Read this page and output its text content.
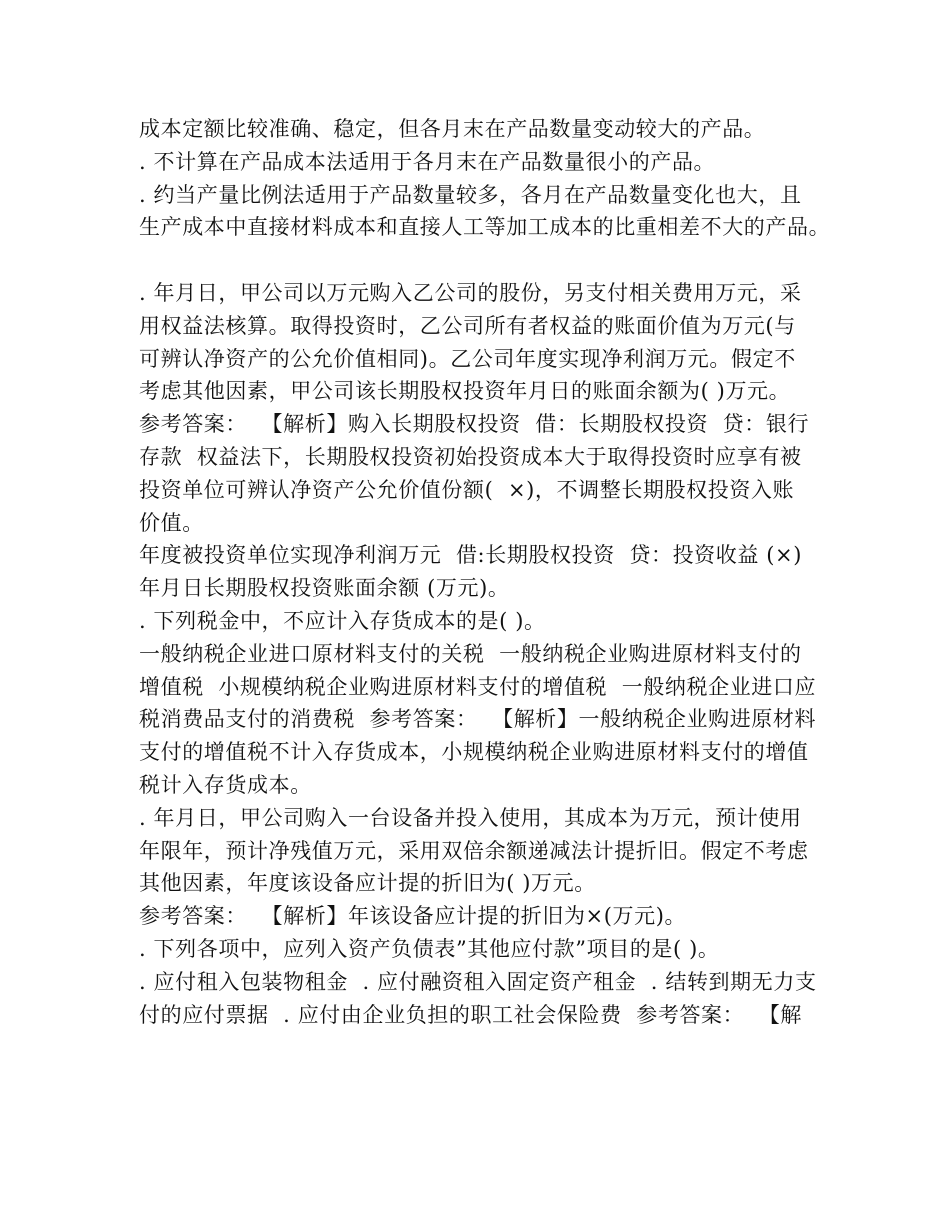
成本定额比较准确、稳定，但各月末在产品数量变动较大的产品。
. 不计算在产品成本法适用于各月末在产品数量很小的产品。
. 约当产量比例法适用于产品数量较多，各月在产品数量变化也大，且
生产成本中直接材料成本和直接人工等加工成本的比重相差不大的产品。
. 年月日，甲公司以万元购入乙公司的股份，另支付相关费用万元，采
用权益法核算。取得投资时，乙公司所有者权益的账面价值为万元(与
可辨认净资产的公允价值相同)。乙公司年度实现净利润万元。假定不
考虑其他因素，甲公司该长期股权投资年月日的账面余额为( )万元。
参考答案：  【解析】购入长期股权投资  借：长期股权投资  贷：银行
存款  权益法下，长期股权投资初始投资成本大于取得投资时应享有被
投资单位可辨认净资产公允价值份额(  ×)，不调整长期股权投资入账
价值。
年度被投资单位实现净利润万元  借:长期股权投资  贷：投资收益 (×)
年月日长期股权投资账面余额 (万元)。
. 下列税金中，不应计入存货成本的是( )。
一般纳税企业进口原材料支付的关税  一般纳税企业购进原材料支付的
增值税  小规模纳税企业购进原材料支付的增值税  一般纳税企业进口应
税消费品支付的消费税  参考答案：  【解析】一般纳税企业购进原材料
支付的增值税不计入存货成本，小规模纳税企业购进原材料支付的增值
税计入存货成本。
. 年月日，甲公司购入一台设备并投入使用，其成本为万元，预计使用
年限年，预计净残值万元，采用双倍余额递减法计提折旧。假定不考虑
其他因素，年度该设备应计提的折旧为( )万元。
参考答案：  【解析】年该设备应计提的折旧为×(万元)。
. 下列各项中，应列入资产负债表”其他应付款”项目的是( )。
. 应付租入包装物租金  . 应付融资租入固定资产租金  . 结转到期无力支
付的应付票据  . 应付由企业负担的职工社会保险费  参考答案：  【解
